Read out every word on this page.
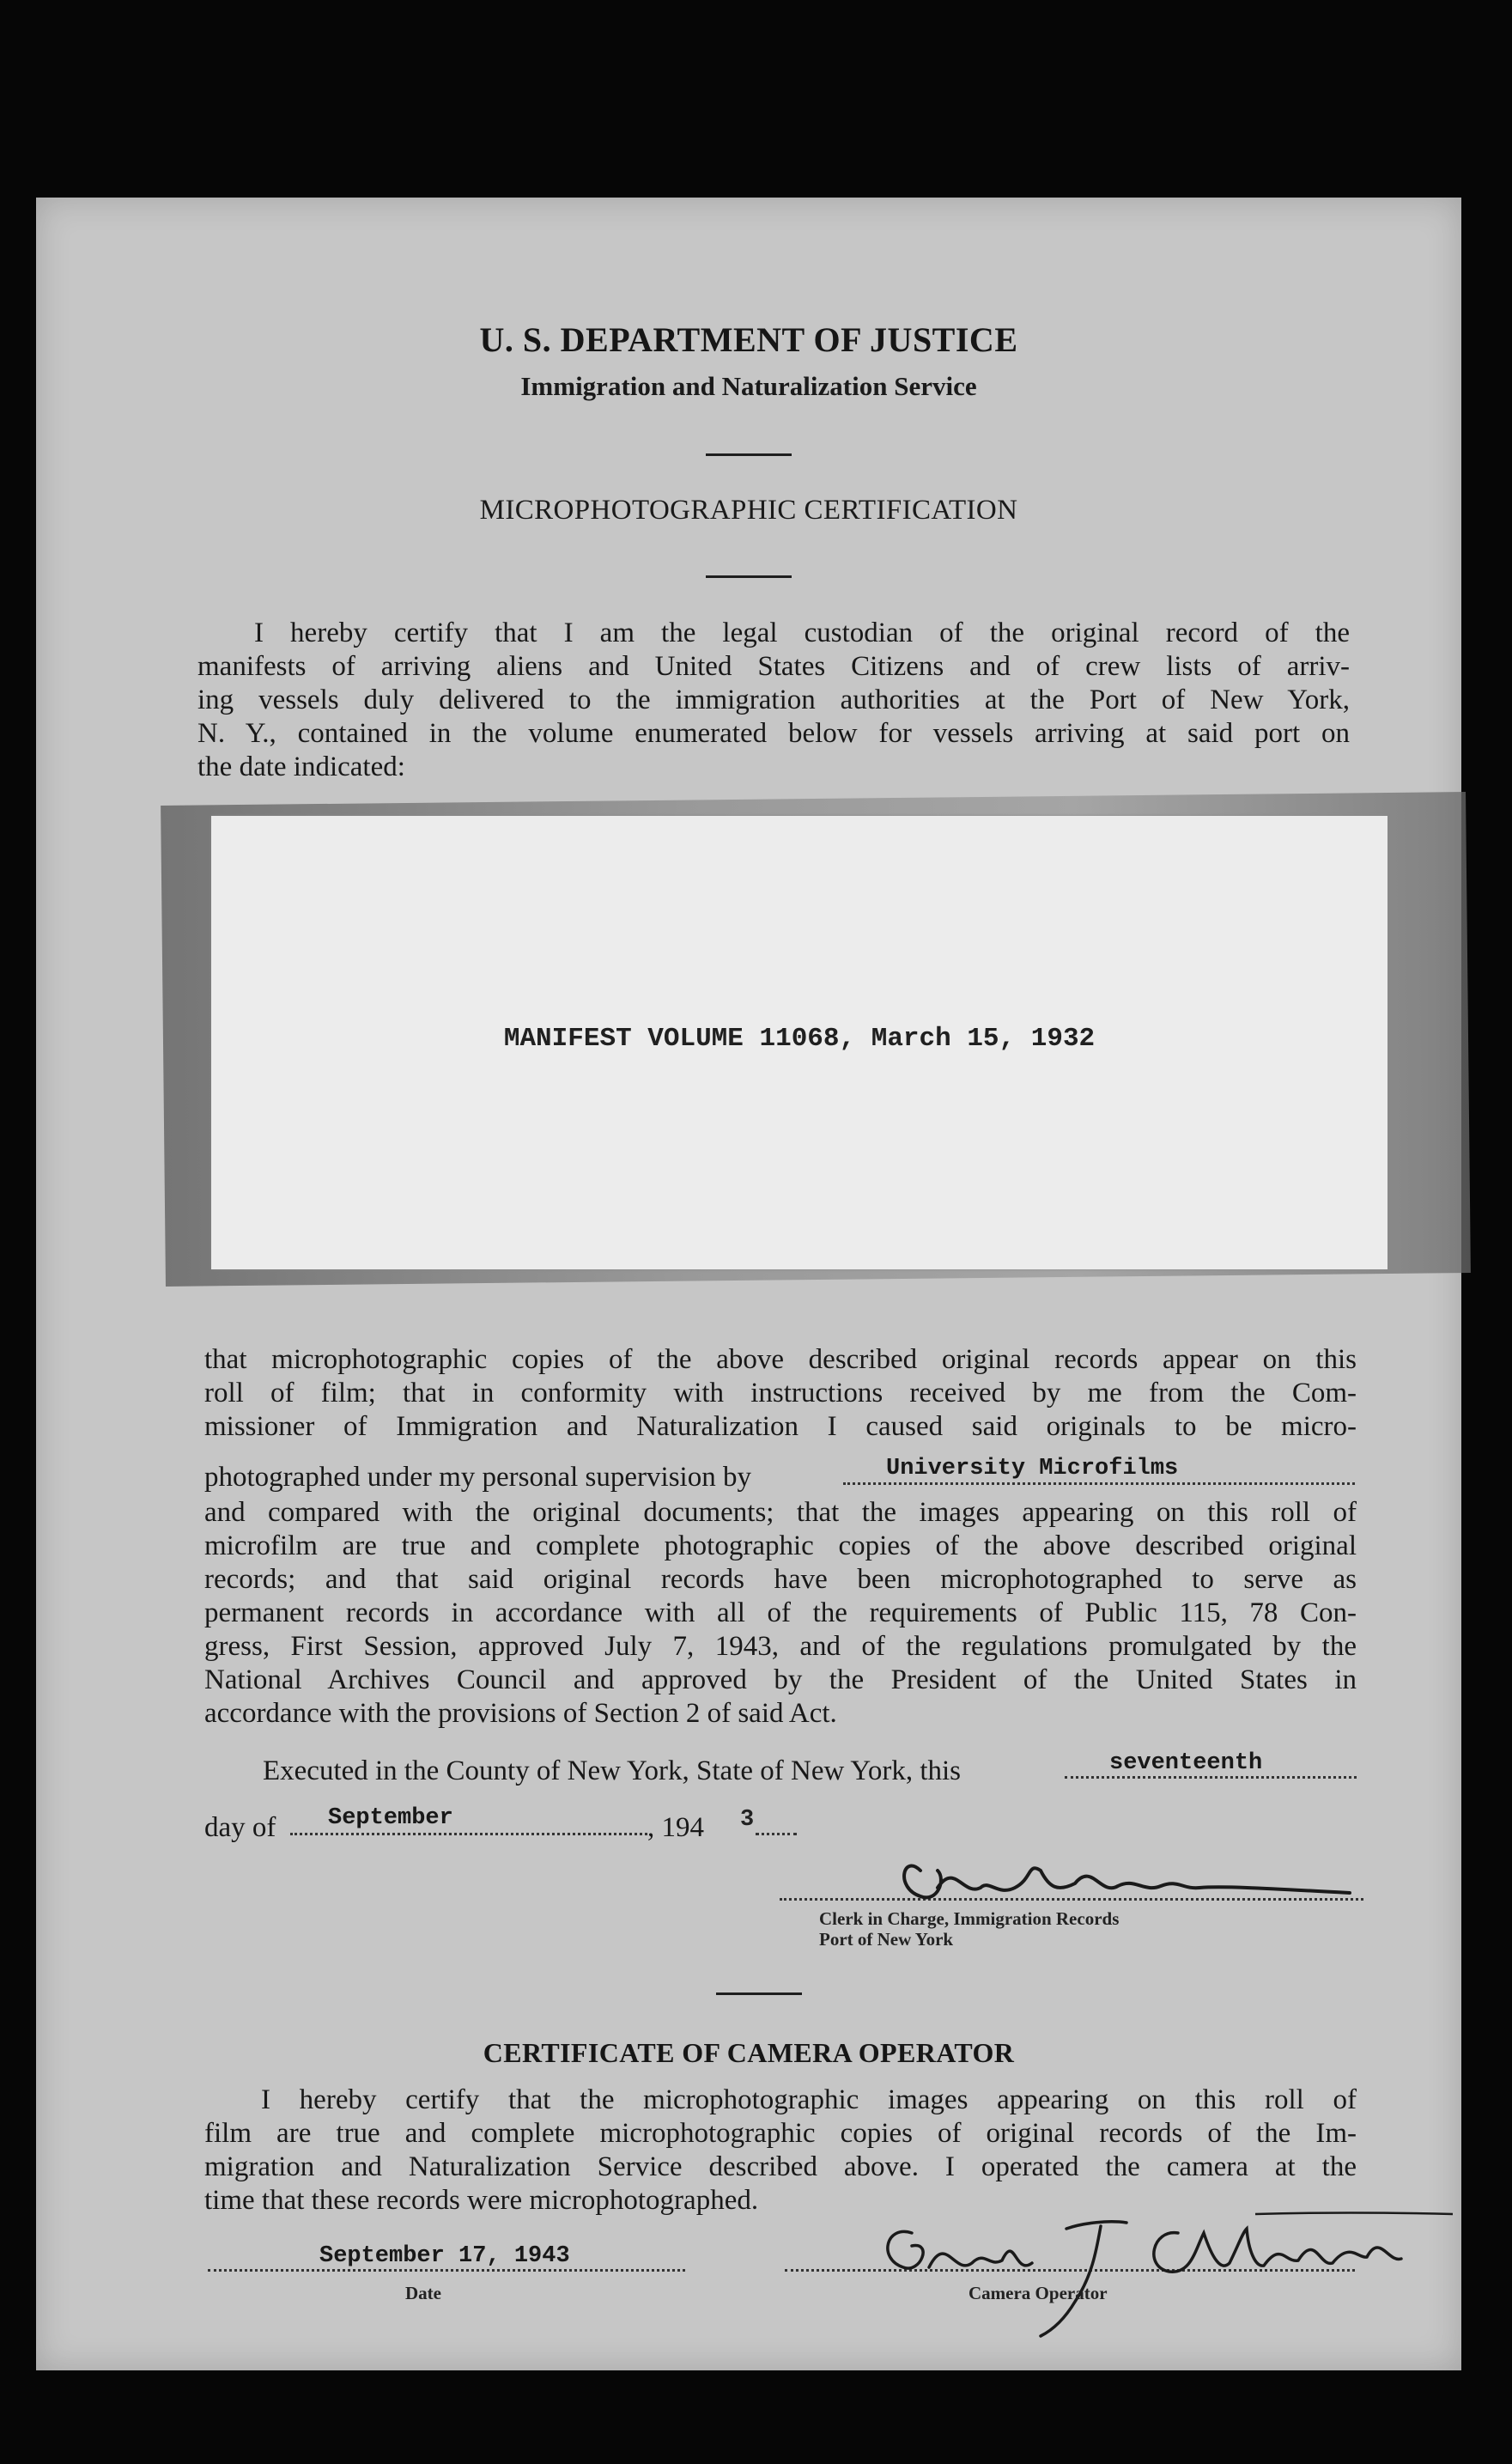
U. S. DEPARTMENT OF JUSTICE
Immigration and Naturalization Service
MICROPHOTOGRAPHIC CERTIFICATION
I hereby certify that I am the legal custodian of the original record of the
manifests of arriving aliens and United States Citizens and of crew lists of arriv-
ing vessels duly delivered to the immigration authorities at the Port of New York,
N. Y., contained in the volume enumerated below for vessels arriving at said port on
the date indicated:
MANIFEST VOLUME 11068, March 15, 1932
that microphotographic copies of the above described original records appear on this
roll of film; that in conformity with instructions received by me from the Com-
missioner of Immigration and Naturalization I caused said originals to be micro-
photographed under my personal supervision by	University Microfilms
and compared with the original documents; that the images appearing on this roll of
microfilm are true and complete photographic copies of the above described original
records; and that said original records have been microphotographed to serve as
permanent records in accordance with all of the requirements of Public 115, 78 Con-
gress, First Session, approved July 7, 1943, and of the regulations promulgated by the
National Archives Council and approved by the President of the United States in
accordance with the provisions of Section 2 of said Act.
Executed in the County of New York, State of New York, this	seventeenth
day of September	, 194 3
Clerk in Charge, Immigration Records
Port of New York
CERTIFICATE OF CAMERA OPERATOR
I hereby certify that the microphotographic images appearing on this roll of
film are true and complete microphotographic copies of original records of the Im-
migration and Naturalization Service described above. I operated the camera at the
time that these records were microphotographed.
September 17, 1943
Date	Camera Operator
